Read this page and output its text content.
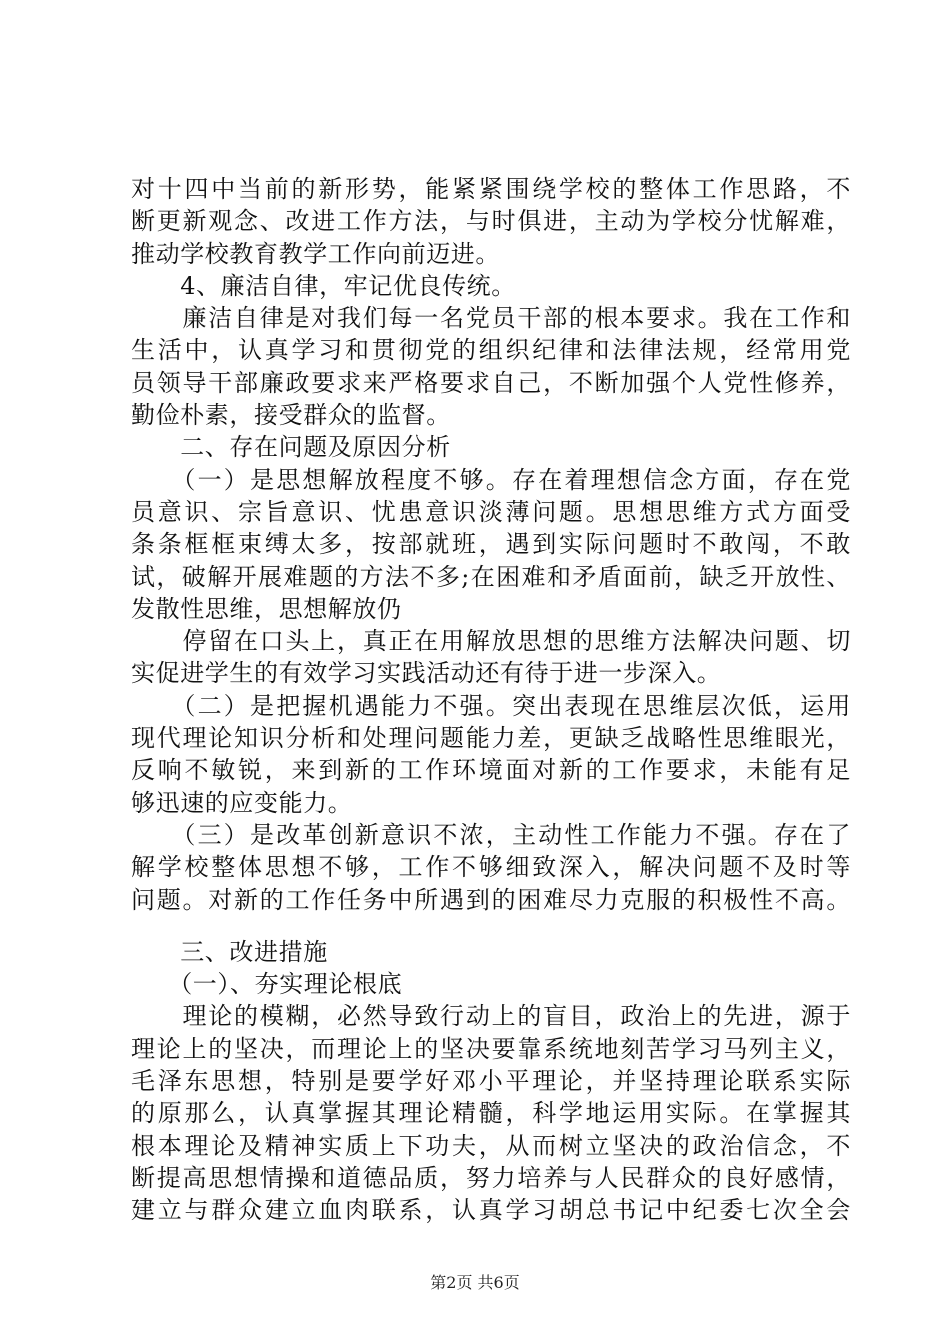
对十四中当前的新形势，能紧紧围绕学校的整体工作思路，不
断更新观念、改进工作方法，与时俱进，主动为学校分忧解难，
推动学校教育教学工作向前迈进。
　　4、廉洁自律，牢记优良传统。
　　廉洁自律是对我们每一名党员干部的根本要求。我在工作和
生活中，认真学习和贯彻党的组织纪律和法律法规，经常用党
员领导干部廉政要求来严格要求自己，不断加强个人党性修养，
勤俭朴素，接受群众的监督。
　　二、存在问题及原因分析
　　（一）是思想解放程度不够。存在着理想信念方面，存在党
员意识、宗旨意识、忧患意识淡薄问题。思想思维方式方面受
条条框框束缚太多，按部就班，遇到实际问题时不敢闯，不敢
试，破解开展难题的方法不多;在困难和矛盾面前，缺乏开放性、
发散性思维，思想解放仍
　　停留在口头上，真正在用解放思想的思维方法解决问题、切
实促进学生的有效学习实践活动还有待于进一步深入。
　　（二）是把握机遇能力不强。突出表现在思维层次低，运用
现代理论知识分析和处理问题能力差，更缺乏战略性思维眼光，
反响不敏锐，来到新的工作环境面对新的工作要求，未能有足
够迅速的应变能力。
　　（三）是改革创新意识不浓，主动性工作能力不强。存在了
解学校整体思想不够，工作不够细致深入，解决问题不及时等
问题。对新的工作任务中所遇到的困难尽力克服的积极性不高。
　　三、改进措施
　　（一）、夯实理论根底
　　理论的模糊，必然导致行动上的盲目，政治上的先进，源于
理论上的坚决，而理论上的坚决要靠系统地刻苦学习马列主义，
毛泽东思想，特别是要学好邓小平理论，并坚持理论联系实际
的原那么，认真掌握其理论精髓，科学地运用实际。在掌握其
根本理论及精神实质上下功夫，从而树立坚决的政治信念，不
断提高思想情操和道德品质，努力培养与人民群众的良好感情，
建立与群众建立血肉联系，认真学习胡总书记中纪委七次全会
第2页 共6页
